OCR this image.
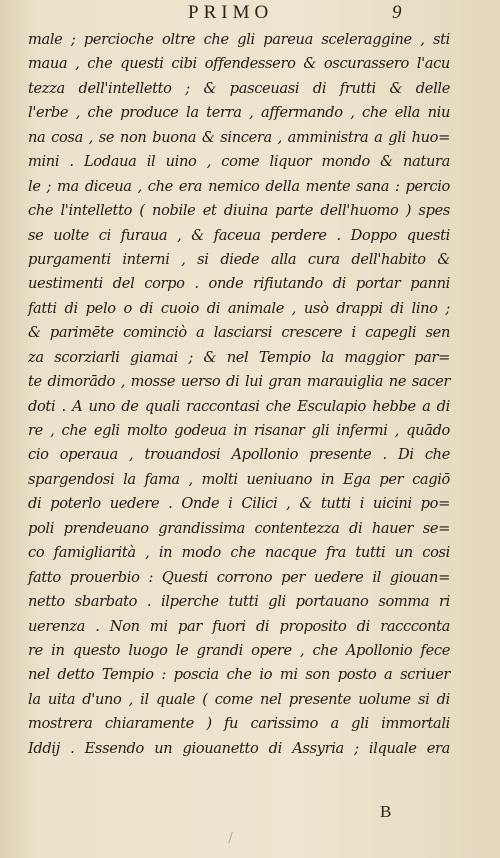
PRIMO	9
male ; percioche oltre che gli pareua sceleraggine , sti
maua , che questi cibi offendessero & oscurassero l'acu
tezza dell'intelletto ; & pasceuasi di frutti & delle
l'erbe , che produce la terra , affermando , che ella niu
na cosa , se non buona & sincera , amministra a gli huo=
mini . Lodaua il uino , come liquor mondo & natura
le ; ma diceua , che era nemico della mente sana : percio
che l'intelletto ( nobile et diuina parte dell'huomo ) spes
se uolte ci furaua , & faceua perdere . Doppo questi
purgamenti interni , si diede alla cura dell'habito &
uestimenti del corpo . onde rifiutando di portar panni
fatti di pelo o di cuoio di animale , usò drappi di lino ;
& parimēte cominciò a lasciarsi crescere i capegli sen
za scorziarli giamai ; & nel Tempio la maggior par=
te dimorādo , mosse uerso di lui gran marauiglia ne sacer
doti . A uno de quali raccontasi che Esculapio hebbe a di
re , che egli molto godeua in risanar gli infermi , quādo
cio operaua , trouandosi Apollonio presente . Di che
spargendosi la fama , molti ueniuano in Ega per cagiō
di poterlo uedere . Onde i Cilici , & tutti i uicini po=
poli prendeuano grandissima contentezza di hauer se=
co famigliarità , in modo che nacque fra tutti un cosi
fatto prouerbio : Questi corrono per uedere il giouan=
netto sbarbato . ilperche tutti gli portauano somma ri
uerenza . Non mi par fuori di proposito di raccconta
re in questo luogo le grandi opere , che Apollonio fece
nel detto Tempio : poscia che io mi son posto a scriuer
la uita d'uno , il quale ( come nel presente uolume si di
mostrera chiaramente ) fu carissimo a gli immortali
Iddij . Essendo un giouanetto di Assyria ; ilquale era
B
